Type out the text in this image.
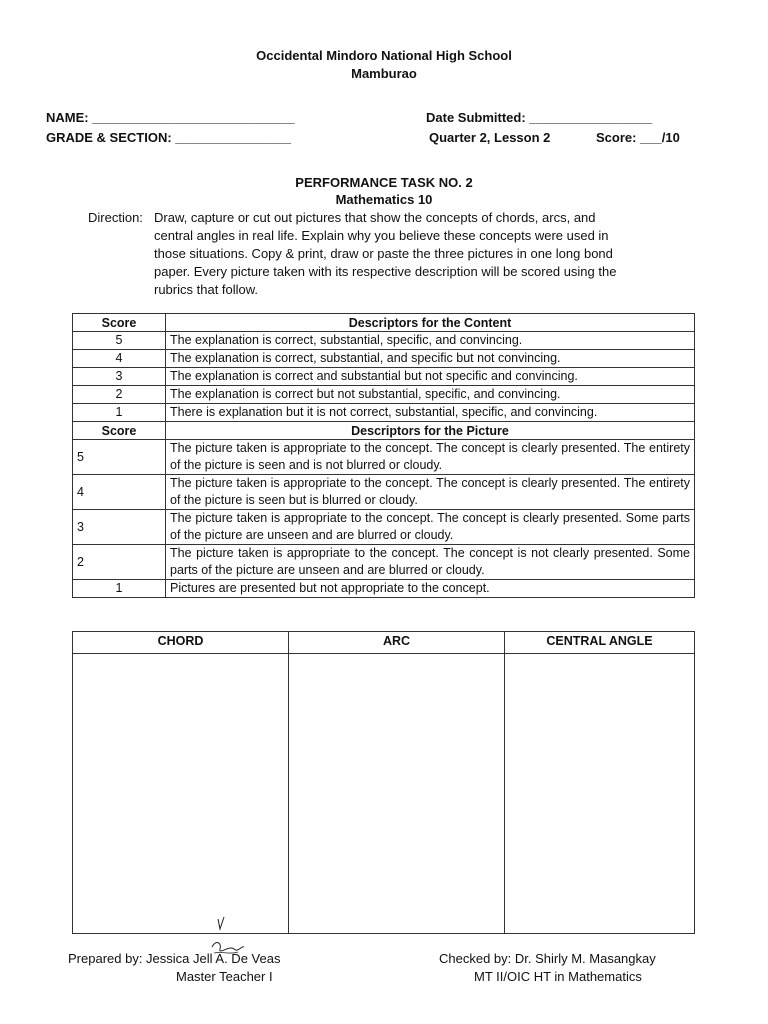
Occidental Mindoro National High School
Mamburao
NAME: ____________________________	Date Submitted: _________________
GRADE & SECTION: ________________	Quarter 2, Lesson 2	Score: ___/10
PERFORMANCE TASK NO. 2
Mathematics 10
Direction: Draw, capture or cut out pictures that show the concepts of chords, arcs, and
central angles in real life. Explain why you believe these concepts were used in
those situations. Copy & print, draw or paste the three pictures in one long bond
paper. Every picture taken with its respective description will be scored using the
rubrics that follow.
Score	Descriptors for the Content
5	The explanation is correct, substantial, specific, and convincing.
4	The explanation is correct, substantial, and specific but not convincing.
3	The explanation is correct and substantial but not specific and convincing.
2	The explanation is correct but not substantial, specific, and convincing.
1	There is explanation but it is not correct, substantial, specific, and convincing.
Score	Descriptors for the Picture
5	The picture taken is appropriate to the concept. The concept is clearly presented. The entirety of the picture is seen and is not blurred or cloudy.
4	The picture taken is appropriate to the concept. The concept is clearly presented. The entirety of the picture is seen but is blurred or cloudy.
3	The picture taken is appropriate to the concept. The concept is clearly presented. Some parts of the picture are unseen and are blurred or cloudy.
2	The picture taken is appropriate to the concept. The concept is not clearly presented. Some parts of the picture are unseen and are blurred or cloudy.
1	Pictures are presented but not appropriate to the concept.
CHORD	ARC	CENTRAL ANGLE

Prepared by: Jessica Jell A. De Veas
Master Teacher I
Checked by: Dr. Shirly M. Masangkay
MT II/OIC HT in Mathematics
